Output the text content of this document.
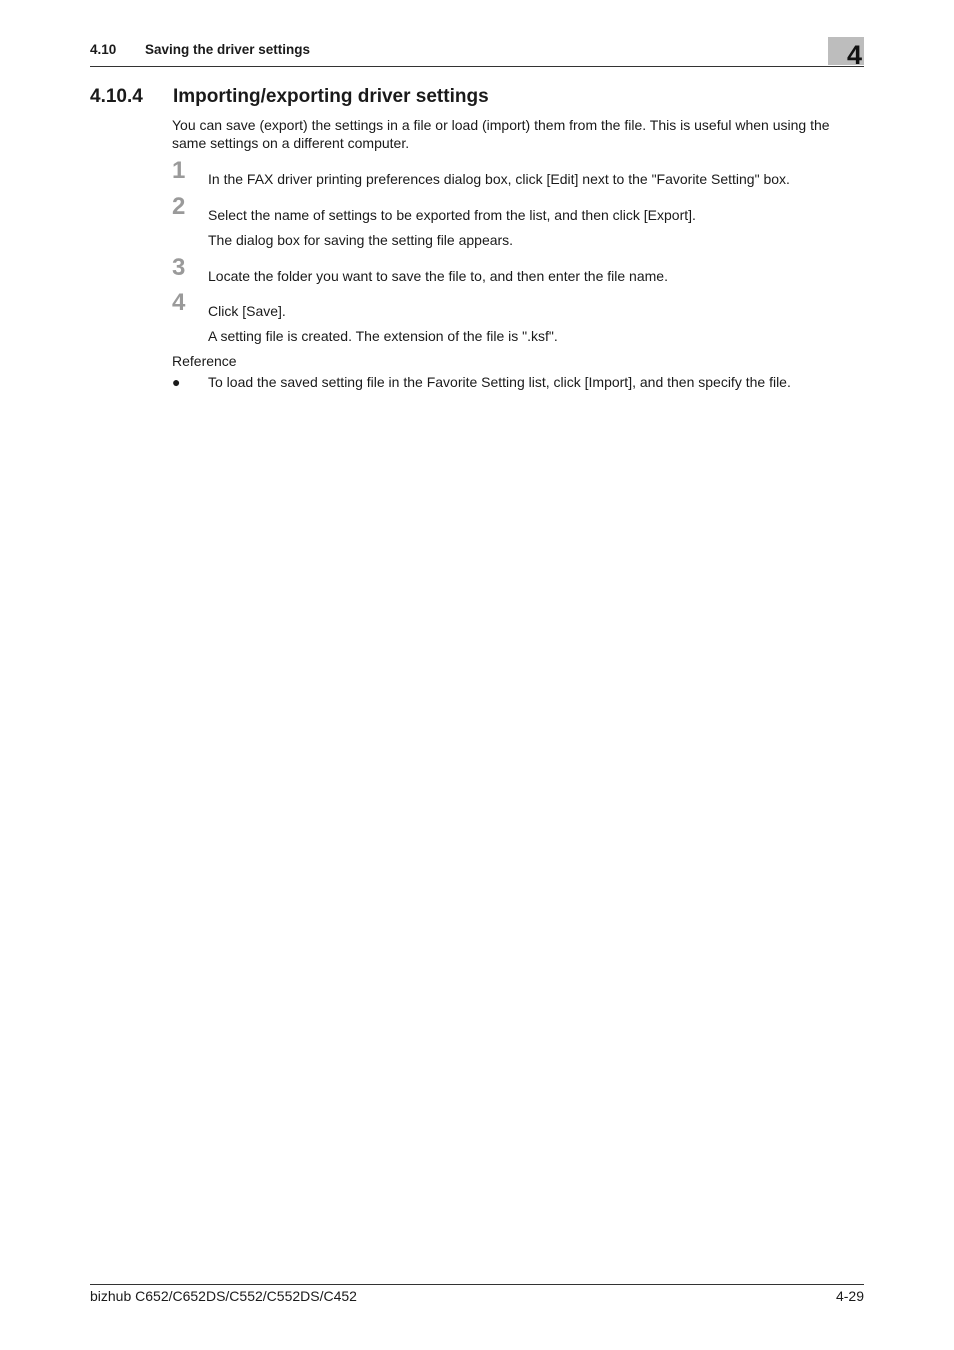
4.10 Saving the driver settings	4
4.10.4 Importing/exporting driver settings

You can save (export) the settings in a file or load (import) them from the file. This is useful when using the same settings on a different computer.

1 In the FAX driver printing preferences dialog box, click [Edit] next to the "Favorite Setting" box.
2 Select the name of settings to be exported from the list, and then click [Export].
The dialog box for saving the setting file appears.
3 Locate the folder you want to save the file to, and then enter the file name.
4 Click [Save].
A setting file is created. The extension of the file is ".ksf".
Reference
● To load the saved setting file in the Favorite Setting list, click [Import], and then specify the file.
bizhub C652/C652DS/C552/C552DS/C452	4-29
